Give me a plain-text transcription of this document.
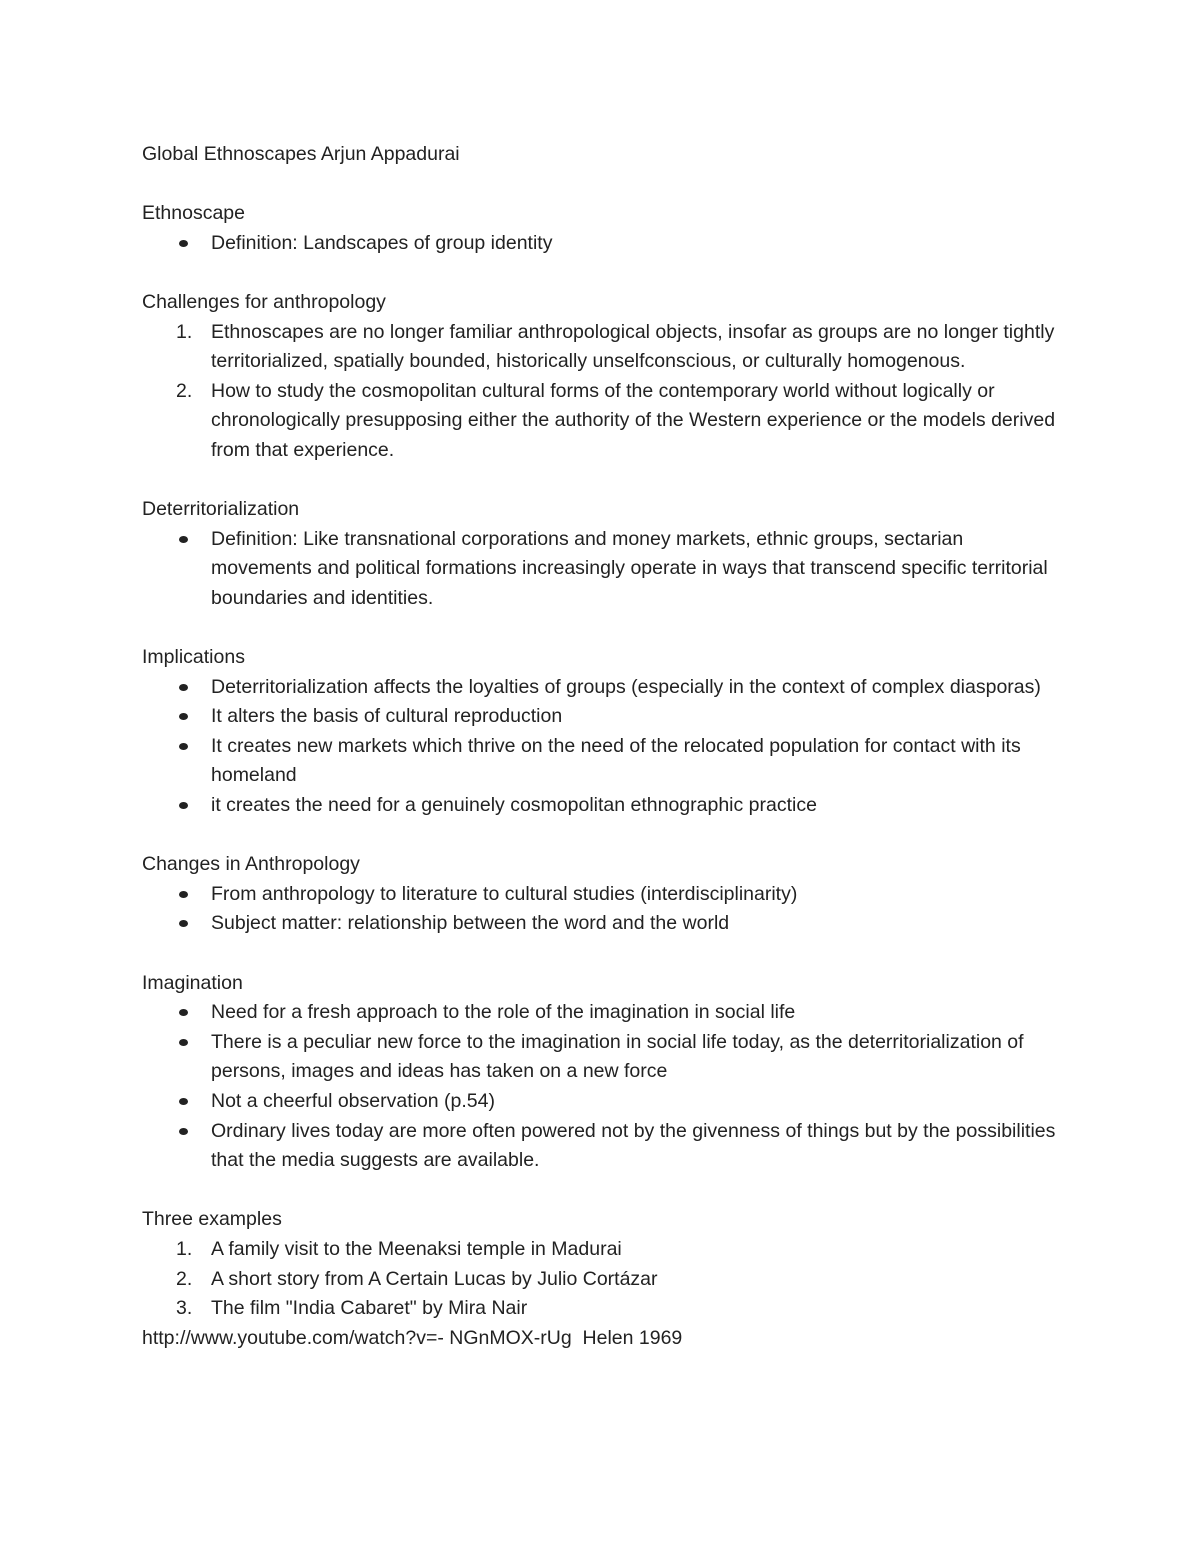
Global Ethnoscapes Arjun Appadurai

Ethnoscape

Definition: Landscapes of group identity

Challenges for anthropology

1. Ethnoscapes are no longer familiar anthropological objects, insofar as groups are no longer tightly territorialized, spatially bounded, historically unselfconscious, or culturally homogenous.
2. How to study the cosmopolitan cultural forms of the contemporary world without logically or chronologically presupposing either the authority of the Western experience or the models derived from that experience.

Deterritorialization

Definition: Like transnational corporations and money markets, ethnic groups, sectarian movements and political formations increasingly operate in ways that transcend specific territorial boundaries and identities.

Implications

Deterritorialization affects the loyalties of groups (especially in the context of complex diasporas)
It alters the basis of cultural reproduction
It creates new markets which thrive on the need of the relocated population for contact with its homeland
it creates the need for a genuinely cosmopolitan ethnographic practice

Changes in Anthropology

From anthropology to literature to cultural studies (interdisciplinarity)
Subject matter: relationship between the word and the world

Imagination

Need for a fresh approach to the role of the imagination in social life
There is a peculiar new force to the imagination in social life today, as the deterritorialization of persons, images and ideas has taken on a new force
Not a cheerful observation (p.54)
Ordinary lives today are more often powered not by the givenness of things but by the possibilities that the media suggests are available.

Three examples

1. A family visit to the Meenaksi temple in Madurai
2. A short story from A Certain Lucas by Julio Cortázar
3. The film "India Cabaret" by Mira Nair

http://www.youtube.com/watch?v=- NGnMOX-rUg  Helen 1969
